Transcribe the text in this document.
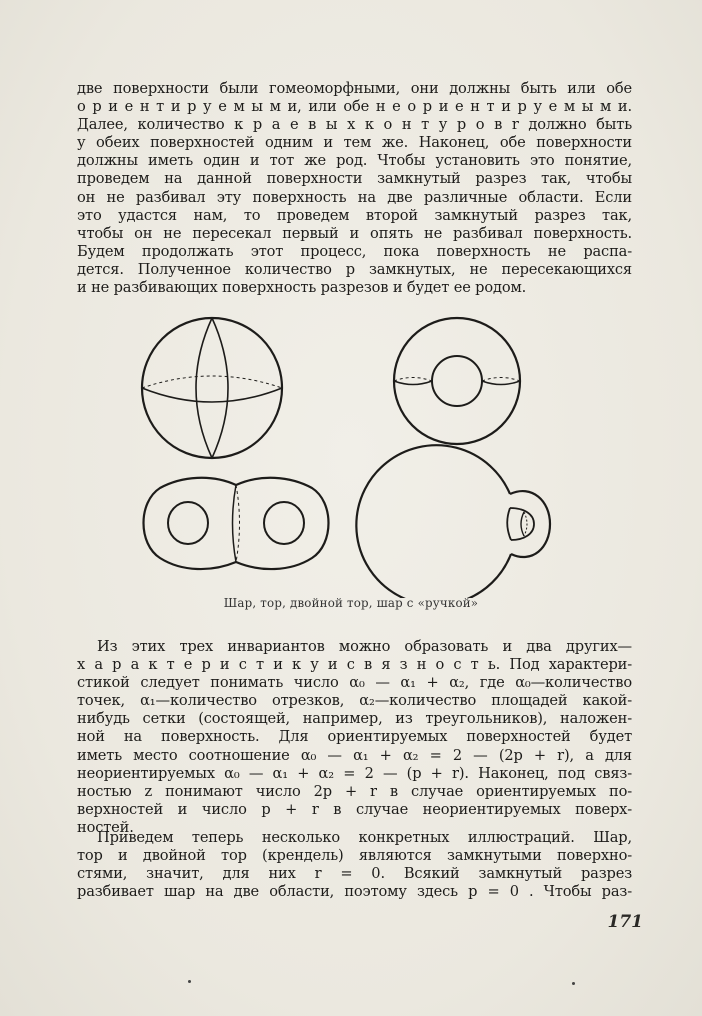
две поверхности были гомеоморфными, они должны быть или обе
о р и е н т и р у е м ы м и, или обе н е о р и е н т и р у е м ы м и.
Далее, количество к р а е в ы х к о н т у р о в r должно быть
у обеих поверхностей одним и тем же. Наконец, обе поверхности
должны иметь один и тот же род. Чтобы установить это понятие,
проведем на данной поверхности замкнутый разрез так, чтобы
он не разбивал эту поверхность на две различные области. Если
это удастся нам, то проведем второй замкнутый разрез так,
чтобы он не пересекал первый и опять не разбивал поверхность.
Будем продолжать этот процесс, пока поверхность не распа-
дется. Полученное количество p замкнутых, не пересекающихся
и не разбивающих поверхность разрезов и будет ее родом.
Шар, тор, двойной тор, шар с «ручкой»
Из этих трех инвариантов можно образовать и два других—
х а р а к т е р и с т и к у и с в я з н о с т ь. Под характери-
стикой следует понимать число α₀ — α₁ + α₂, где α₀—количество
точек, α₁—количество отрезков, α₂—количество площадей какой-
нибудь сетки (состоящей, например, из треугольников), наложен-
ной на поверхность. Для ориентируемых поверхностей будет
иметь место соотношение α₀ — α₁ + α₂ = 2 — (2p + r), а для
неориентируемых α₀ — α₁ + α₂ = 2 — (p + r). Наконец, под связ-
ностью z понимают число 2p + r в случае ориентируемых по-
верхностей и число p + r в случае неориентируемых поверх-
ностей.
Приведем теперь несколько конкретных иллюстраций. Шар,
тор и двойной тор (крендель) являются замкнутыми поверхно-
стями, значит, для них r = 0. Всякий замкнутый разрез
разбивает шар на две области, поэтому здесь p = 0 . Чтобы раз-
171
